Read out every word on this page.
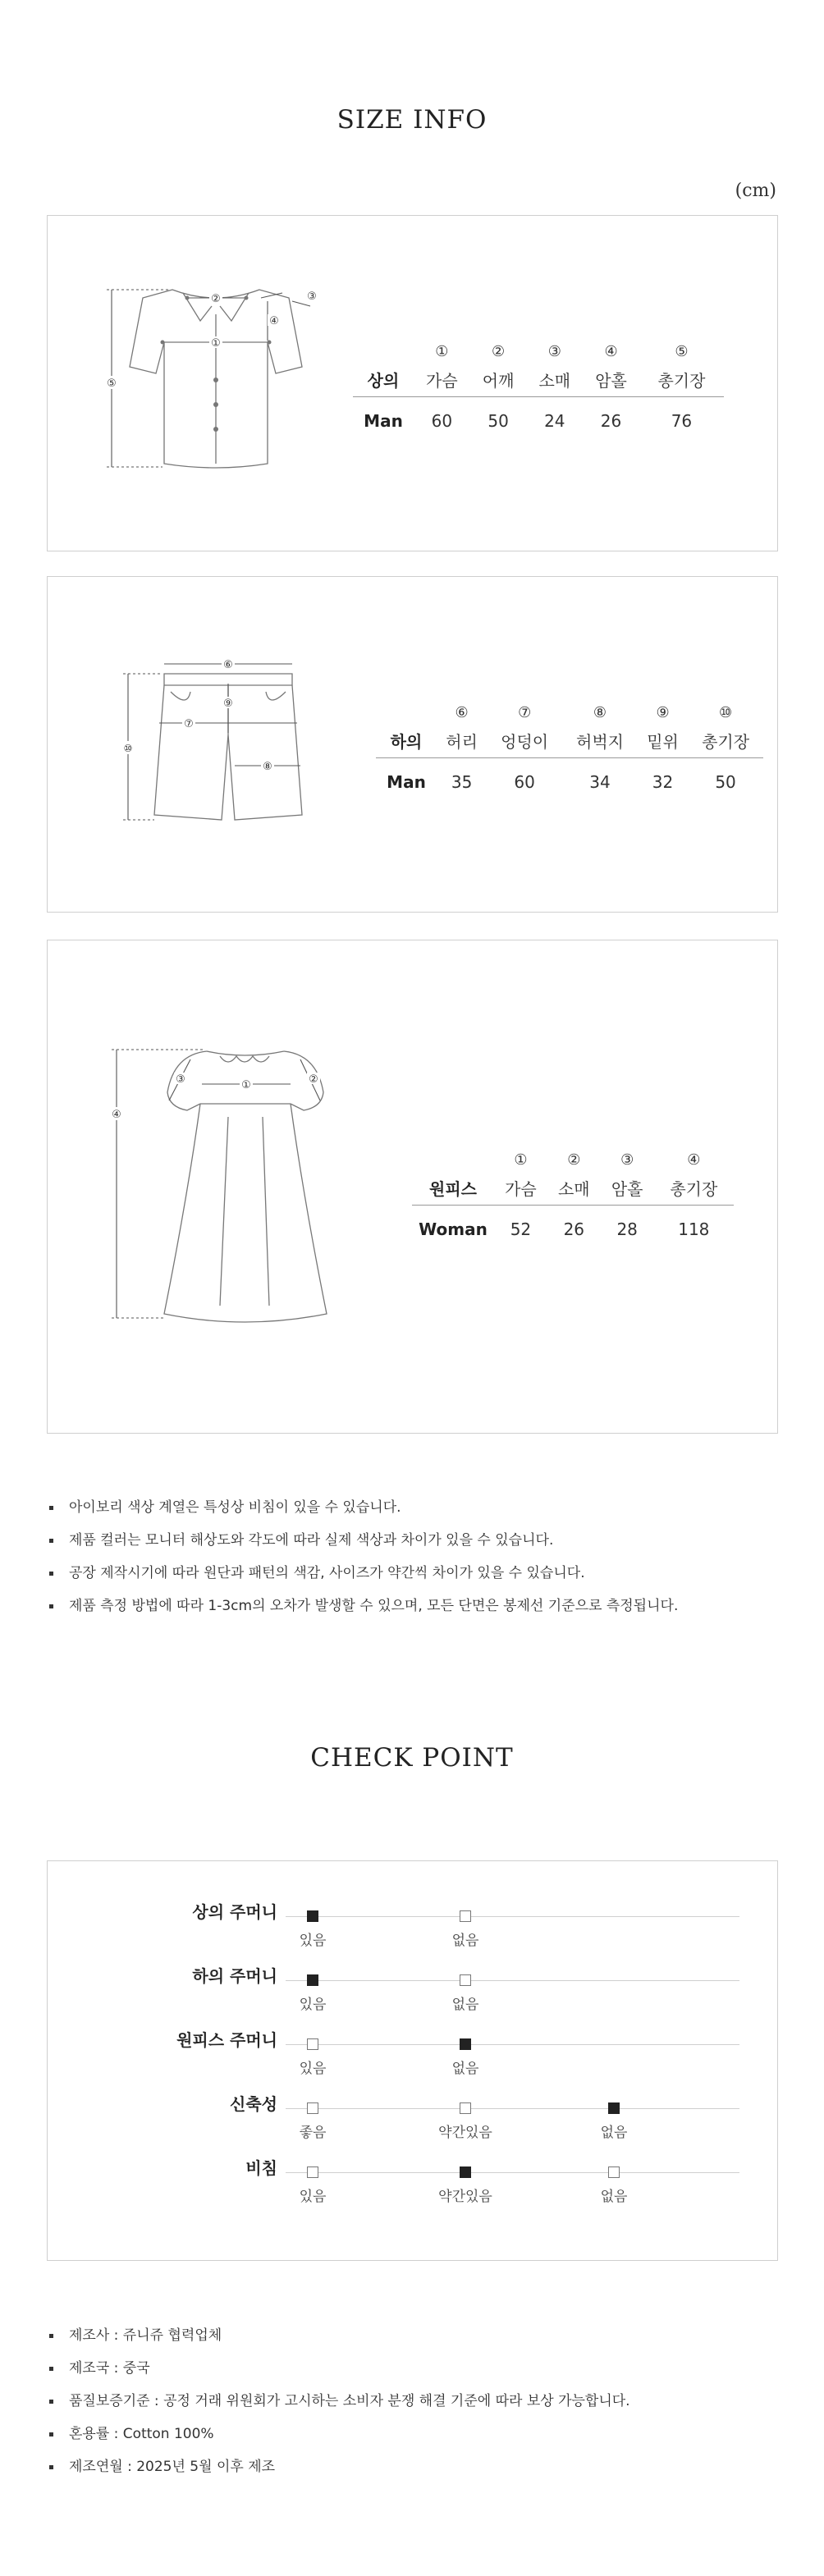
SIZE INFO
(cm)
②
①
③
④
⑤
	①	②	③	④	⑤
상의	가슴	어깨	소매	암홀	총기장
Man	60	50	24	26	76
⑥
⑦
⑧
⑨
⑩
	⑥	⑦	⑧	⑨	⑩
하의	허리	엉덩이	허벅지	밑위	총기장
Man	35	60	34	32	50
①	②
③
④
	①	②	③	④
원피스	가슴	소매	암홀	총기장
Woman	52	26	28	118
아이보리 색상 계열은 특성상 비침이 있을 수 있습니다.
제품 컬러는 모니터 해상도와 각도에 따라 실제 색상과 차이가 있을 수 있습니다.
공장 제작시기에 따라 원단과 패턴의 색감, 사이즈가 약간씩 차이가 있을 수 있습니다.
제품 측정 방법에 따라 1-3cm의 오차가 발생할 수 있으며, 모든 단면은 봉제선 기준으로 측정됩니다.
CHECK POINT
상의 주머니
있음	없음
하의 주머니
있음	없음
원피스 주머니
있음	없음
신축성
좋음	약간있음	없음
비침
있음	약간있음	없음
제조사 : 쥬니쥬 협력업체
제조국 : 중국
품질보증기준 : 공정 거래 위원회가 고시하는 소비자 분쟁 해결 기준에 따라 보상 가능합니다.
혼용률 : Cotton 100%
제조연월 : 2025년 5월 이후 제조
